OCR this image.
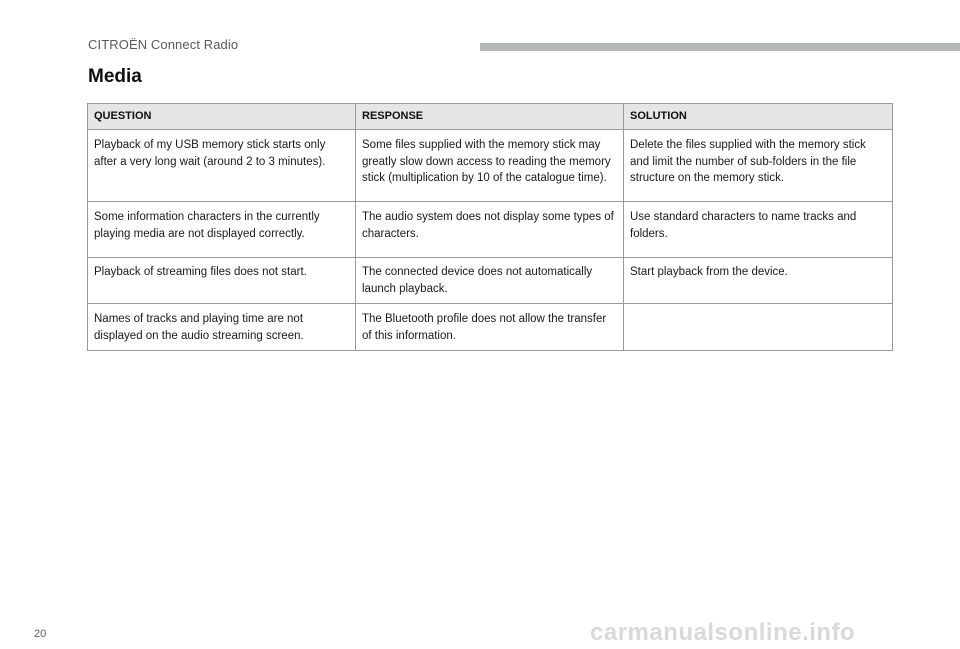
CITROËN Connect Radio
Media
QUESTION	RESPONSE	SOLUTION
Playback of my USB memory stick starts only after a very long wait (around 2 to 3 minutes).	Some files supplied with the memory stick may greatly slow down access to reading the memory stick (multiplication by 10 of the catalogue time).	Delete the files supplied with the memory stick and limit the number of sub-folders in the file structure on the memory stick.
Some information characters in the currently playing media are not displayed correctly.	The audio system does not display some types of characters.	Use standard characters to name tracks and folders.
Playback of streaming files does not start.	The connected device does not automatically launch playback.	Start playback from the device.
Names of tracks and playing time are not displayed on the audio streaming screen.	The Bluetooth profile does not allow the transfer of this information.	
20	carmanualsonline.info
